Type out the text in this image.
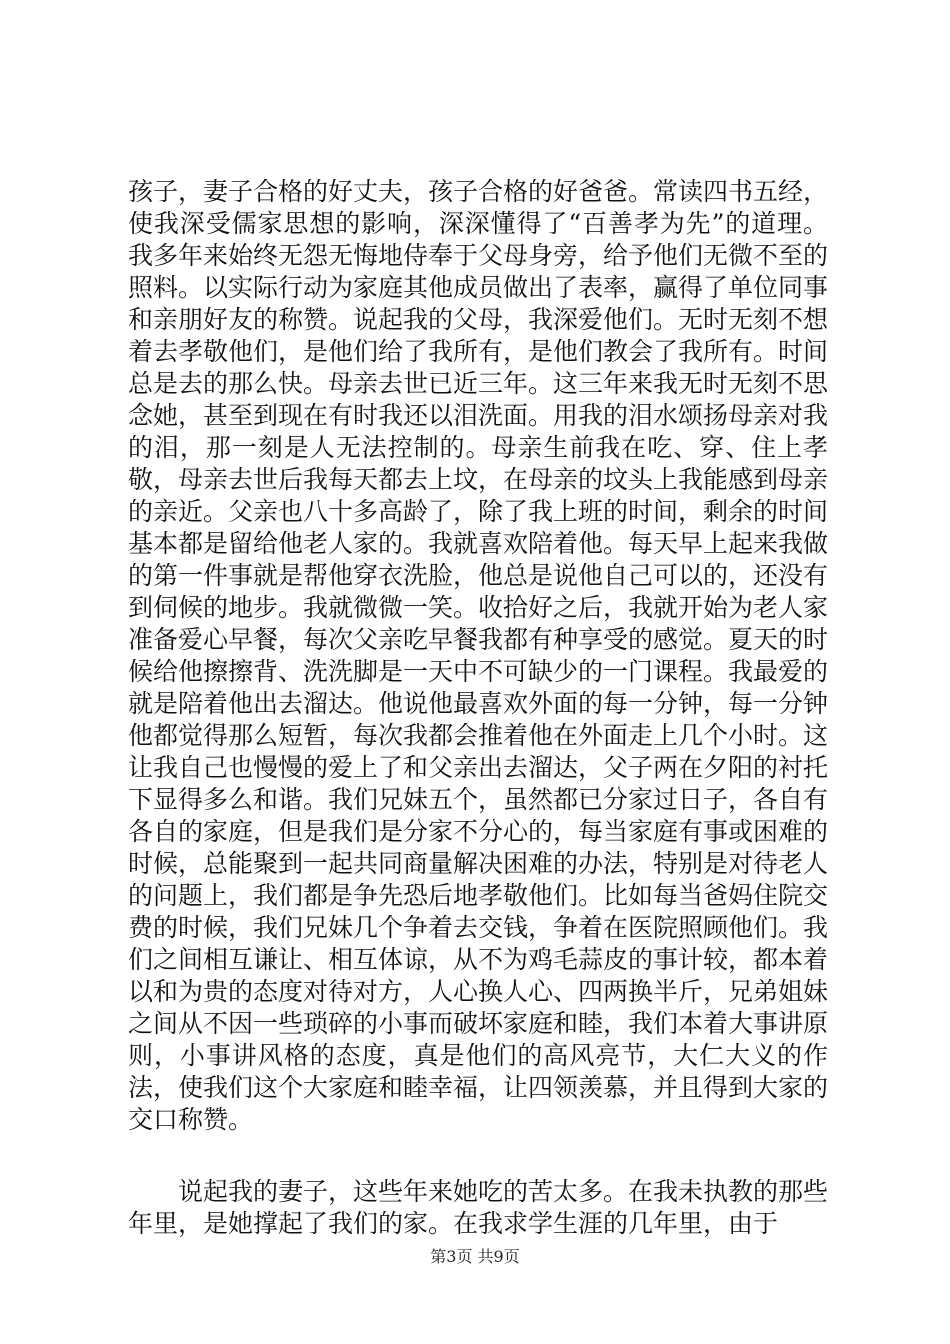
孩子，妻子合格的好丈夫，孩子合格的好爸爸。常读四书五经，使我深受儒家思想的影响，深深懂得了“百善孝为先”的道理。我多年来始终无怨无悔地侍奉于父母身旁，给予他们无微不至的照料。以实际行动为家庭其他成员做出了表率，赢得了单位同事和亲朋好友的称赞。说起我的父母，我深爱他们。无时无刻不想着去孝敬他们，是他们给了我所有，是他们教会了我所有。时间总是去的那么快。母亲去世已近三年。这三年来我无时无刻不思念她，甚至到现在有时我还以泪洗面。用我的泪水颂扬母亲对我的泪，那一刻是人无法控制的。母亲生前我在吃、穿、住上孝敬，母亲去世后我每天都去上坟，在母亲的坟头上我能感到母亲的亲近。父亲也八十多高龄了，除了我上班的时间，剩余的时间基本都是留给他老人家的。我就喜欢陪着他。每天早上起来我做的第一件事就是帮他穿衣洗脸，他总是说他自己可以的，还没有到伺候的地步。我就微微一笑。收拾好之后，我就开始为老人家准备爱心早餐，每次父亲吃早餐我都有种享受的感觉。夏天的时候给他擦擦背、洗洗脚是一天中不可缺少的一门课程。我最爱的就是陪着他出去溜达。他说他最喜欢外面的每一分钟，每一分钟他都觉得那么短暂，每次我都会推着他在外面走上几个小时。这让我自己也慢慢的爱上了和父亲出去溜达，父子两在夕阳的衬托下显得多么和谐。我们兄妹五个，虽然都已分家过日子，各自有各自的家庭，但是我们是分家不分心的，每当家庭有事或困难的时候，总能聚到一起共同商量解决困难的办法，特别是对待老人的问题上，我们都是争先恐后地孝敬他们。比如每当爸妈住院交费的时候，我们兄妹几个争着去交钱，争着在医院照顾他们。我们之间相互谦让、相互体谅，从不为鸡毛蒜皮的事计较，都本着以和为贵的态度对待对方，人心换人心、四两换半斤，兄弟姐妹之间从不因一些琐碎的小事而破坏家庭和睦，我们本着大事讲原则，小事讲风格的态度，真是他们的高风亮节，大仁大义的作法，使我们这个大家庭和睦幸福，让四领羡慕，并且得到大家的交口称赞。

说起我的妻子，这些年来她吃的苦太多。在我未执教的那些年里，是她撑起了我们的家。在我求学生涯的几年里，由于

第3页 共9页
